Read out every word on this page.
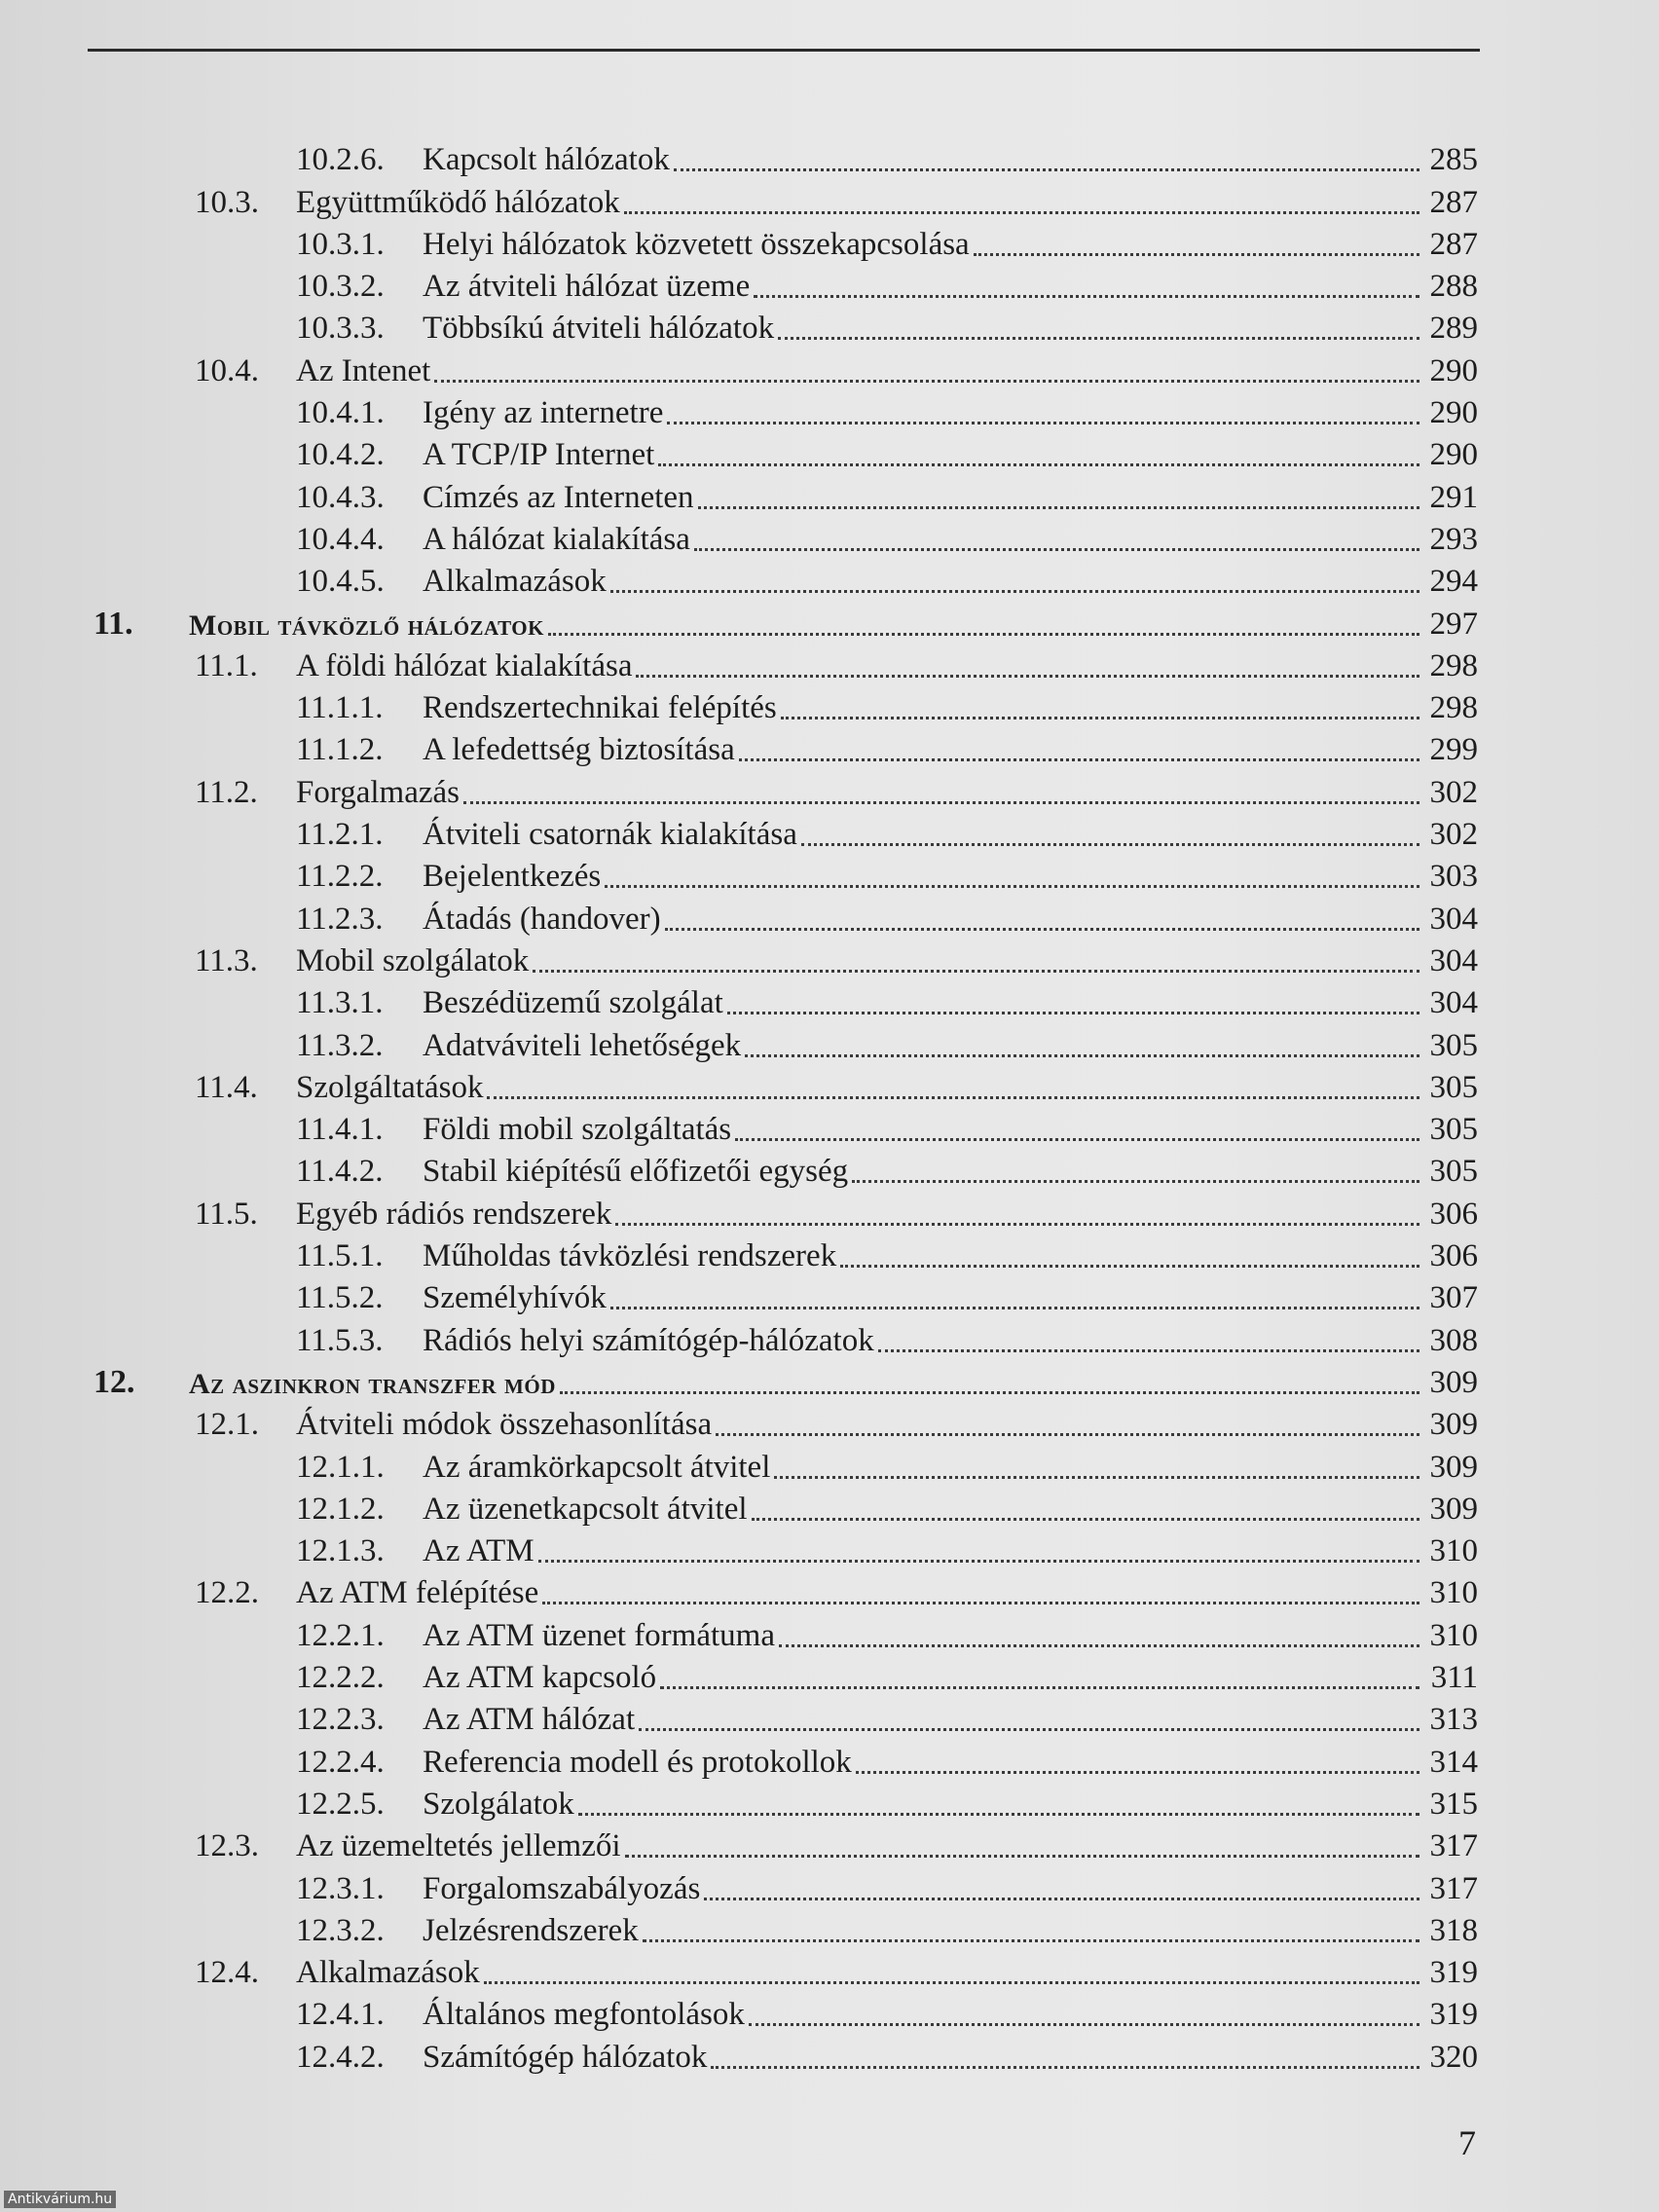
10.2.6. Kapcsolt hálózatok	285
10.3. Együttműködő hálózatok	287
10.3.1. Helyi hálózatok közvetett összekapcsolása	287
10.3.2. Az átviteli hálózat üzeme	288
10.3.3. Többsíkú átviteli hálózatok	289
10.4. Az Intenet	290
10.4.1. Igény az internetre	290
10.4.2. A TCP/IP Internet	290
10.4.3. Címzés az Interneten	291
10.4.4. A hálózat kialakítása	293
10.4.5. Alkalmazások	294
11. Mobil távközlő hálózatok	297
11.1. A földi hálózat kialakítása	298
11.1.1. Rendszertechnikai felépítés	298
11.1.2. A lefedettség biztosítása	299
11.2. Forgalmazás	302
11.2.1. Átviteli csatornák kialakítása	302
11.2.2. Bejelentkezés	303
11.2.3. Átadás (handover)	304
11.3. Mobil szolgálatok	304
11.3.1. Beszédüzemű szolgálat	304
11.3.2. Adatváviteli lehetőségek	305
11.4. Szolgáltatások	305
11.4.1. Földi mobil szolgáltatás	305
11.4.2. Stabil kiépítésű előfizetői egység	305
11.5. Egyéb rádiós rendszerek	306
11.5.1. Műholdas távközlési rendszerek	306
11.5.2. Személyhívók	307
11.5.3. Rádiós helyi számítógép-hálózatok	308
12. Az aszinkron transzfer mód	309
12.1. Átviteli módok összehasonlítása	309
12.1.1. Az áramkörkapcsolt átvitel	309
12.1.2. Az üzenetkapcsolt átvitel	309
12.1.3. Az ATM	310
12.2. Az ATM felépítése	310
12.2.1. Az ATM üzenet formátuma	310
12.2.2. Az ATM kapcsoló	311
12.2.3. Az ATM hálózat	313
12.2.4. Referencia modell és protokollok	314
12.2.5. Szolgálatok	315
12.3. Az üzemeltetés jellemzői	317
12.3.1. Forgalomszabályozás	317
12.3.2. Jelzésrendszerek	318
12.4. Alkalmazások	319
12.4.1. Általános megfontolások	319
12.4.2. Számítógép hálózatok	320
7
Antikvárium.hu
